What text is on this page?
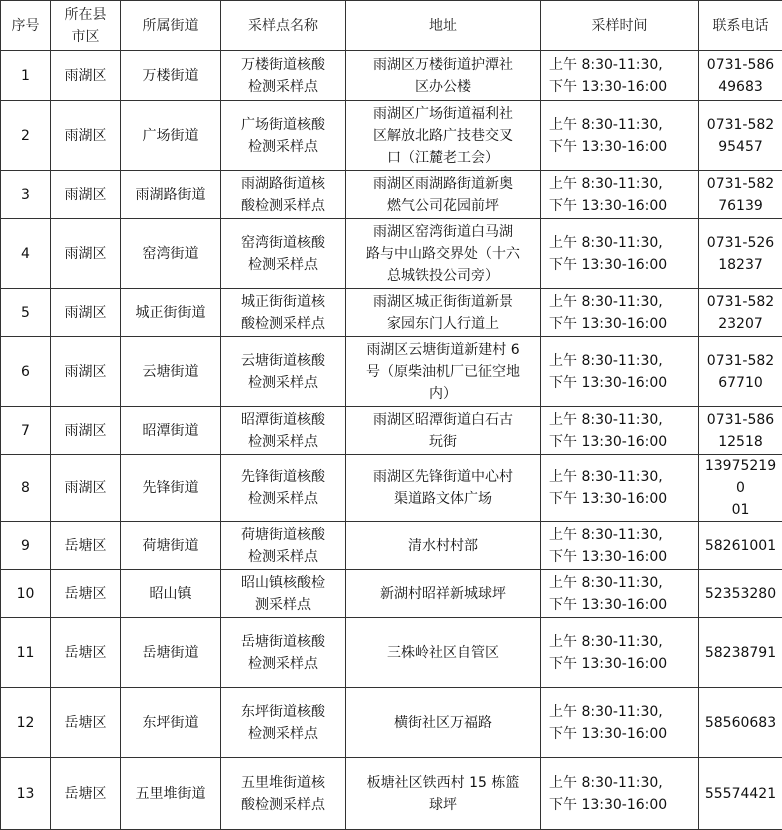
序号	所在县
市区	所属街道	采样点名称	地址	采样时间	联系电话
1	雨湖区	万楼街道	万楼街道核酸
检测采样点	雨湖区万楼街道护潭社
区办公楼	上午 8:30-11:30,
下午 13:30-16:00	0731-586
49683
2	雨湖区	广场街道	广场街道核酸
检测采样点	雨湖区广场街道福利社
区解放北路广技巷交叉
口（江麓老工会）	上午 8:30-11:30,
下午 13:30-16:00	0731-582
95457
3	雨湖区	雨湖路街道	雨湖路街道核
酸检测采样点	雨湖区雨湖路街道新奥
燃气公司花园前坪	上午 8:30-11:30,
下午 13:30-16:00	0731-582
76139
4	雨湖区	窑湾街道	窑湾街道核酸
检测采样点	雨湖区窑湾街道白马湖
路与中山路交界处（十六
总城铁投公司旁）	上午 8:30-11:30,
下午 13:30-16:00	0731-526
18237
5	雨湖区	城正街街道	城正街街道核
酸检测采样点	雨湖区城正街街道新景
家园东门人行道上	上午 8:30-11:30,
下午 13:30-16:00	0731-582
23207
6	雨湖区	云塘街道	云塘街道核酸
检测采样点	雨湖区云塘街道新建村 6
号（原柴油机厂已征空地
内）	上午 8:30-11:30,
下午 13:30-16:00	0731-582
67710
7	雨湖区	昭潭街道	昭潭街道核酸
检测采样点	雨湖区昭潭街道白石古
玩街	上午 8:30-11:30,
下午 13:30-16:00	0731-586
12518
8	雨湖区	先锋街道	先锋街道核酸
检测采样点	雨湖区先锋街道中心村
渠道路文体广场	上午 8:30-11:30,
下午 13:30-16:00	139752190
01
9	岳塘区	荷塘街道	荷塘街道核酸
检测采样点	清水村村部	上午 8:30-11:30,
下午 13:30-16:00	58261001
10	岳塘区	昭山镇	昭山镇核酸检
测采样点	新湖村昭祥新城球坪	上午 8:30-11:30,
下午 13:30-16:00	52353280
11	岳塘区	岳塘街道	岳塘街道核酸
检测采样点	三株岭社区自管区	上午 8:30-11:30,
下午 13:30-16:00	58238791
12	岳塘区	东坪街道	东坪街道核酸
检测采样点	横街社区万福路	上午 8:30-11:30,
下午 13:30-16:00	58560683
13	岳塘区	五里堆街道	五里堆街道核
酸检测采样点	板塘社区铁西村 15 栋篮
球坪	上午 8:30-11:30,
下午 13:30-16:00	55574421
